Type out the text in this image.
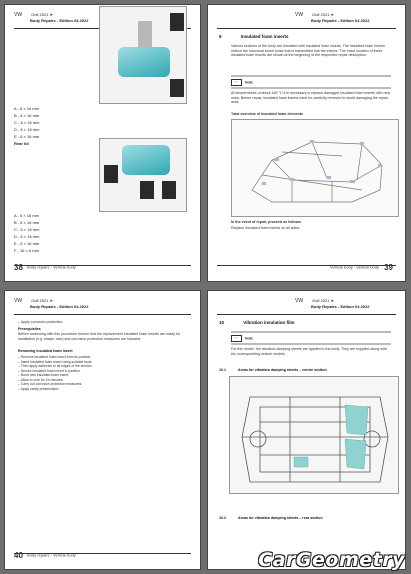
VW Golf 2021 ➤
Body Repairs - Edition 04.2022
A - 6 × 16 mm
B - 6 × 16 mm
C - 6 × 16 mm
D - 6 × 16 mm
E - 6 × 16 mm
Rear lid
A - 6 × 16 mm
B - 6 × 16 mm
C - 6 × 16 mm
D - 6 × 16 mm
E - 6 × 16 mm
F - 16 × 6 mm
38 Body repairs - Vehicle body
VW Golf 2021 ➤
Body Repairs - Edition 04.2022
9	Insulated foam inserts
Various sections of the body are insulated with insulated foam inserts. The insulated foam inserts reduce the structural borne noise that is transmitted into the interior. The exact location of these insulated foam inserts are shown at the beginning of the respective repair description.
☞ Note
At temperatures of about 180 °C it is necessary to replace damaged insulated foam inserts with new ones. Before repair, insulated foam inserts must be carefully removed to avoid damaging the repair area.
Total overview of insulated foam elements
In the event of repair, proceed as follows:
Replace insulated foam inserts on all sides.
Vehicle body - Vehicle body 39
VW Golf 2021 ➤
Body Repairs - Edition 04.2022
– Apply corrosion protection.
Prerequisites
Before continuing with this procedure ensure that the replacement insulated foam inserts are ready for installation (e.g. shape, size) and corrosion protection measures are followed.
Removing insulated foam insert
– Remove insulated foam insert from its position.
– Insert insulated foam insert using suitable tools.
– Then apply adhesive to all edges of the section.
– Secure insulated foam insert in position.
– Bond new insulated foam insert.
– Allow to cure for 24 minutes.
– Carry out corrosion protection measures.
– Apply cavity preservation.
40 Body repairs - Vehicle body
VW Golf 2021 ➤
Body Repairs - Edition 04.2022
10	Vibration insulation film
☞ Note
For this model, the vibration damping sheets are applied to the body. They are supplied along with the corresponding vehicle models.
10.1	Areas for vibration damping sheets – centre section
10.2	Areas for vibration damping sheets – rear section
CarGeometry
